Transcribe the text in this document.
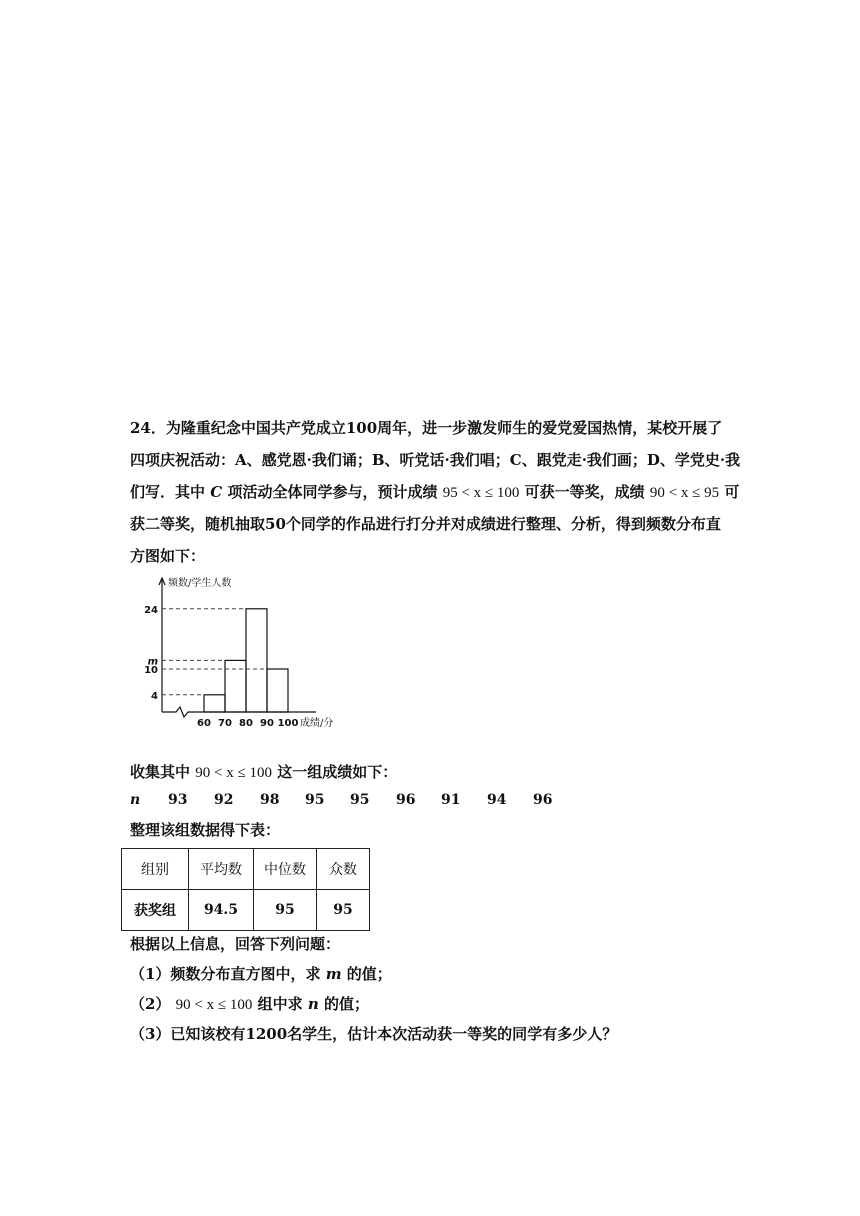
24．为隆重纪念中国共产党成立100周年，进一步激发师生的爱党爱国热情，某校开展了
四项庆祝活动：A、感党恩·我们诵；B、听党话·我们唱；C、跟党走·我们画；D、学党史·我
们写．其中 C 项活动全体同学参与，预计成绩 95 < x ≤ 100 可获一等奖，成绩 90 < x ≤ 95 可
获二等奖，随机抽取50个同学的作品进行打分并对成绩进行整理、分析，得到频数分布直
方图如下：
频数/学生人数
成绩/分
24
m
10
4
60 70 80 90 100
收集其中 90 < x ≤ 100 这一组成绩如下：
n 93 92 98 95 95 96 91 94 96
整理该组数据得下表：
组别	平均数	中位数	众数
获奖组	94.5	95	95
根据以上信息，回答下列问题：
（1）频数分布直方图中，求 m 的值；
（2） 90 < x ≤ 100 组中求 n 的值；
（3）已知该校有1200名学生，估计本次活动获一等奖的同学有多少人？
